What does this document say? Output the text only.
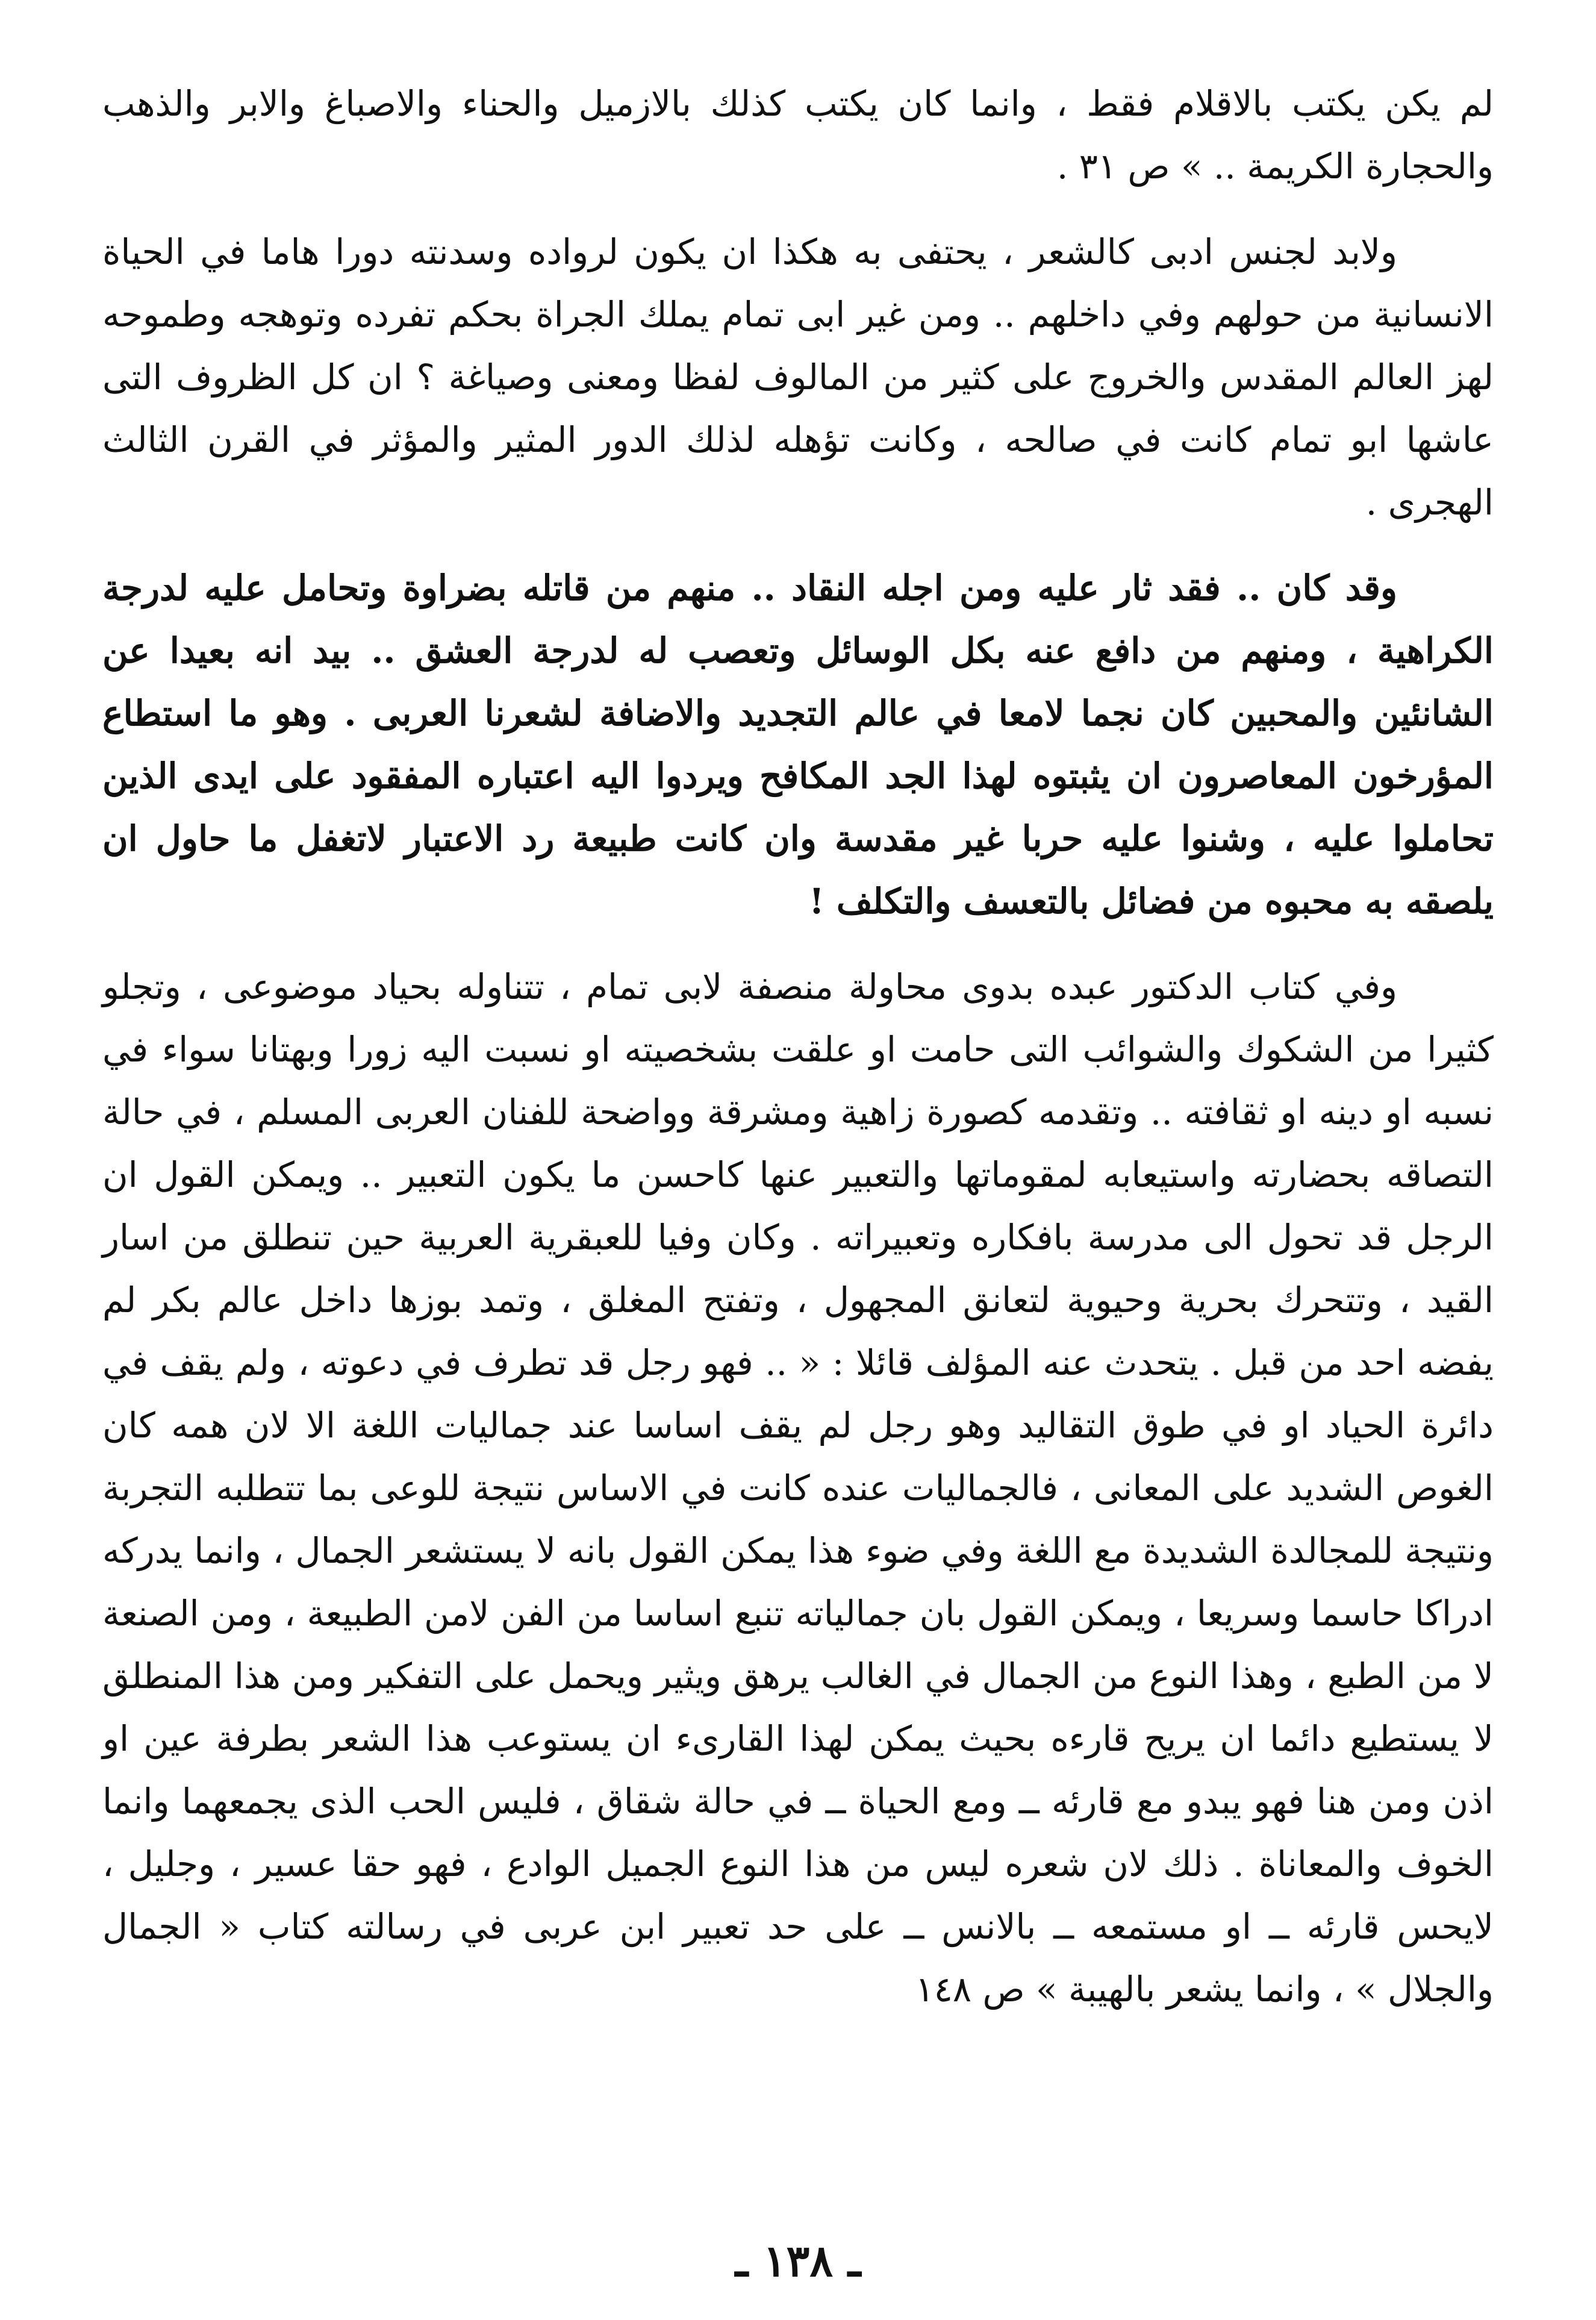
لم يكن يكتب بالاقلام فقط ، وانما كان يكتب كذلك بالازميل والحناء والاصباغ والابر والذهب والحجارة الكريمة .. » ص ٣١ .

ولابد لجنس ادبى كالشعر ، يحتفى به هكذا ان يكون لرواده وسدنته دورا هاما في الحياة الانسانية من حولهم وفي داخلهم .. ومن غير ابى تمام يملك الجراة بحكم تفرده وتوهجه وطموحه لهز العالم المقدس والخروج على كثير من المالوف لفظا ومعنى وصياغة ؟ ان كل الظروف التى عاشها ابو تمام كانت في صالحه ، وكانت تؤهله لذلك الدور المثير والمؤثر في القرن الثالث الهجرى .

وقد كان .. فقد ثار عليه ومن اجله النقاد .. منهم من قاتله بضراوة وتحامل عليه لدرجة الكراهية ، ومنهم من دافع عنه بكل الوسائل وتعصب له لدرجة العشق .. بيد انه بعيدا عن الشانئين والمحبين كان نجما لامعا في عالم التجديد والاضافة لشعرنا العربى . وهو ما استطاع المؤرخون المعاصرون ان يثبتوه لهذا الجد المكافح ويردوا اليه اعتباره المفقود على ايدى الذين تحاملوا عليه ، وشنوا عليه حربا غير مقدسة وان كانت طبيعة رد الاعتبار لاتغفل ما حاول ان يلصقه به محبوه من فضائل بالتعسف والتكلف !

وفي كتاب الدكتور عبده بدوى محاولة منصفة لابى تمام ، تتناوله بحياد موضوعى ، وتجلو كثيرا من الشكوك والشوائب التى حامت او علقت بشخصيته او نسبت اليه زورا وبهتانا سواء في نسبه او دينه او ثقافته .. وتقدمه كصورة زاهية ومشرقة وواضحة للفنان العربى المسلم ، في حالة التصاقه بحضارته واستيعابه لمقوماتها والتعبير عنها كاحسن ما يكون التعبير .. ويمكن القول ان الرجل قد تحول الى مدرسة بافكاره وتعبيراته . وكان وفيا للعبقرية العربية حين تنطلق من اسار القيد ، وتتحرك بحرية وحيوية لتعانق المجهول ، وتفتح المغلق ، وتمد بوزها داخل عالم بكر لم يفضه احد من قبل . يتحدث عنه المؤلف قائلا : « .. فهو رجل قد تطرف في دعوته ، ولم يقف في دائرة الحياد او في طوق التقاليد وهو رجل لم يقف اساسا عند جماليات اللغة الا لان همه كان الغوص الشديد على المعانى ، فالجماليات عنده كانت في الاساس نتيجة للوعى بما تتطلبه التجربة ونتيجة للمجالدة الشديدة مع اللغة وفي ضوء هذا يمكن القول بانه لا يستشعر الجمال ، وانما يدركه ادراكا حاسما وسريعا ، ويمكن القول بان جمالياته تنبع اساسا من الفن لامن الطبيعة ، ومن الصنعة لا من الطبع ، وهذا النوع من الجمال في الغالب يرهق ويثير ويحمل على التفكير ومن هذا المنطلق لا يستطيع دائما ان يريح قارءه بحيث يمكن لهذا القارىء ان يستوعب هذا الشعر بطرفة عين او اذن ومن هنا فهو يبدو مع قارئه ــ ومع الحياة ــ في حالة شقاق ، فليس الحب الذى يجمعهما وانما الخوف والمعاناة . ذلك لان شعره ليس من هذا النوع الجميل الوادع ، فهو حقا عسير ، وجليل ، لايحس قارئه ــ او مستمعه ــ بالانس ــ على حد تعبير ابن عربى في رسالته كتاب « الجمال والجلال » ، وانما يشعر بالهيبة » ص ١٤٨

ـ ١٣٨ ـ
